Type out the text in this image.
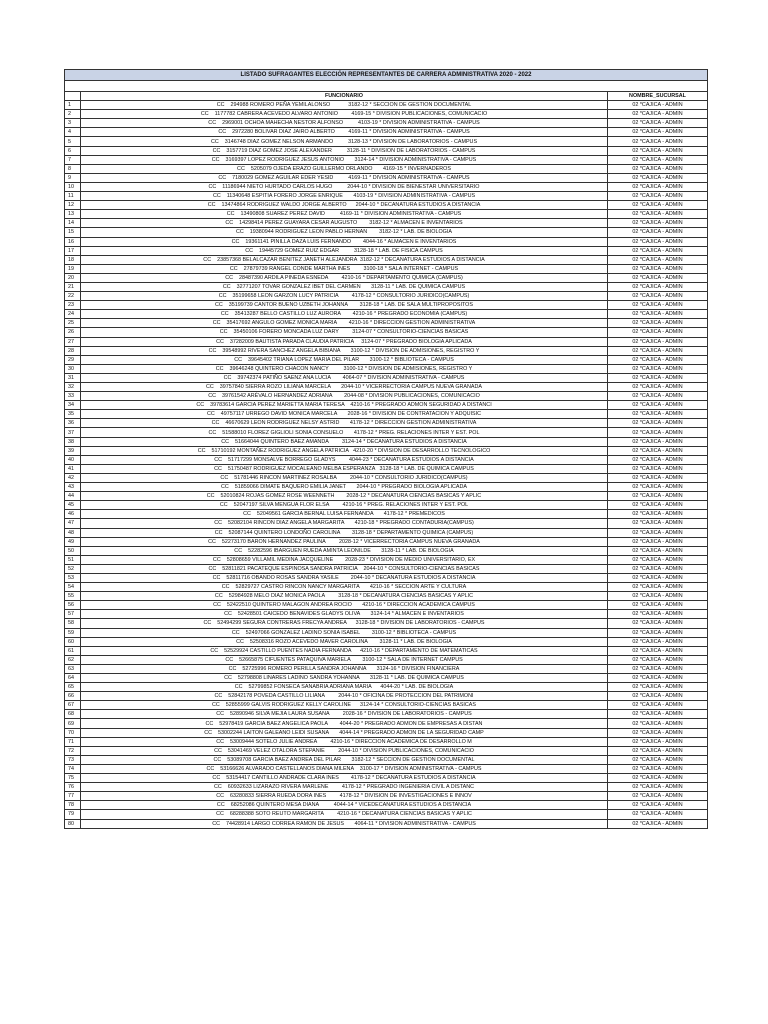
LISTADO SUFRAGANTES ELECCIÓN REPRESENTANTES DE CARRERA ADMINISTRATIVA 2020 - 2022		

	FUNCIONARIO	NOMBRE_SUCURSAL
1	CC    294988 ROMERO PEÑA YEMILALONSO            3182-12 * SECCION DE GESTION DOCUMENTAL	02 *CAJICA - ADMIN
2	CC    1177782 CABRERA ACEVEDO ALVARO ANTONIO         4169-15 * DIVISION PUBLICACIONES, COMUNICACIO	02 *CAJICA - ADMIN
3	CC    2969001 OCHOA MAHECHA NESTOR ALFONSO          4103-19 * DIVISION ADMINISTRATIVA - CAMPUS	02 *CAJICA - ADMIN
4	CC    2972280 BOLIVAR DIAZ JAIRO ALBERTO         4169-11 * DIVISION ADMINISTRATIVA - CAMPUS	02 *CAJICA - ADMIN
5	CC    3146748 DIAZ GOMEZ NELSON ARMANDO          3128-13 * DIVISION DE LABORATORIOS - CAMPUS	02 *CAJICA - ADMIN
6	CC    3157719 DIAZ GOMEZ JOSE ALEXANDER          3128-11 * DIVISION DE LABORATORIOS - CAMPUS	02 *CAJICA - ADMIN
7	CC    3169397 LOPEZ RODRIGUEZ JESUS ANTONIO       3124-14 * DIVISION ADMINISTRATIVA - CAMPUS	02 *CAJICA - ADMIN
8	CC    5205079 OJEDA ERAZO GUILLERMO ORLANDO       4169-15 * INVERNADEROS	02 *CAJICA - ADMIN
9	CC    7180029 GOMEZ AGUILAR EDER YESID          4169-11 * DIVISION ADMINISTRATIVA - CAMPUS	02 *CAJICA - ADMIN
10	CC    11186944 NIETO HURTADO CARLOS HUGO          2044-10 * DIVISION DE BIENESTAR UNIVERSITARIO	02 *CAJICA - ADMIN
11	CC    11340648 ESPITIA FORERO JORGE ENRIQUE       4103-19 * DIVISION ADMINISTRATIVA - CAMPUS	02 *CAJICA - ADMIN
12	CC    13474864 RODRIGUEZ WALDO JORGE ALBERTO      2044-10 * DECANATURA ESTUDIOS A DISTANCIA	02 *CAJICA - ADMIN
13	CC    13490808 SUAREZ PEREZ DAVID          4169-11 * DIVISION ADMINISTRATIVA - CAMPUS	02 *CAJICA - ADMIN
14	CC    14298414 PEREZ GUAYARA CESAR AUGUSTO        3182-12 * ALMACEN E INVENTARIOS	02 *CAJICA - ADMIN
15	CC    19380944 RODRIGUEZ LEON PABLO HERNAN        3182-12 * LAB. DE BIOLOGIA	02 *CAJICA - ADMIN
16	CC    19361141 PINILLA DAZA LUIS FERNANDO        4044-16 * ALMACEN E INVENTARIOS	02 *CAJICA - ADMIN
17	CC    19445729 GOMEZ RUIZ EDGAR          3128-18 * LAB. DE FISICA CAMPUS	02 *CAJICA - ADMIN
18	CC    23857368 BELALCAZAR BENITEZ JANETH ALEJANDRA  3182-12 * DECANATURA ESTUDIOS A DISTANCIA	02 *CAJICA - ADMIN
19	CC    27879739 RANGEL CONDE MARTHA INES         3100-18 * SALA INTERNET - CAMPUS	02 *CAJICA - ADMIN
20	CC    28487390 ARDILA PINEDA ESNEDA         4210-16 * DEPARTAMENTO QUIMICA (CAMPUS)	02 *CAJICA - ADMIN
21	CC    32771207 TOVAR GONZALEZ IBET DEL CARMEN       3128-11 * LAB. DE QUIMICA CAMPUS	02 *CAJICA - ADMIN
22	CC    35199658 LEON GARZON LUCY PATRICIA         4178-12 * CONSULTORIO JURIDICO(CAMPUS)	02 *CAJICA - ADMIN
23	CC    35199739 CANTOR BUENO UZBETH JOHANNA        3128-18 * LAB. DE SALA MULTIPROPOSITOS	02 *CAJICA - ADMIN
24	CC    35413287 BELLO CASTILLO LUZ AURORA        4210-16 * PREGRADO ECONOMIA (CAMPUS)	02 *CAJICA - ADMIN
25	CC    35417692 ANGULO GOMEZ MONICA MARIA        4210-16 * DIRECCION GESTION ADMINISTRATIVA	02 *CAJICA - ADMIN
26	CC    35450106 FORERO MONCADA LUZ DARY         3124-07 * CONSULTORIO-CIENCIAS BASICAS	02 *CAJICA - ADMIN
27	CC    37282009 BAUTISTA PARADA CLAUDIA PATRICIA     3124-07 * PREGRADO BIOLOGIA APLICADA	02 *CAJICA - ADMIN
28	CC    39548992 RIVERA SANCHEZ ANGELA BIBIANA       3100-12 * DIVISION DE ADMISIONES, REGISTRO Y	02 *CAJICA - ADMIN
29	CC    39645402 TRIANA LOPEZ MARIA DEL PILAR       3100-12 * BIBLIOTECA - CAMPUS	02 *CAJICA - ADMIN
30	CC    39646248 QUINTERO CHACON NANCY          3100-12 * DIVISION DE ADMISIONES, REGISTRO Y	02 *CAJICA - ADMIN
31	CC    39742374 PATIÑO SAENZ ANA LUCIA        4064-07 * DIVISION ADMINISTRATIVA - CAMPUS	02 *CAJICA - ADMIN
32	CC    39757840 SIERRA ROZO LILIANA MARCELA       2044-10 * VICERRECTORIA CAMPUS NUEVA GRANADA	02 *CAJICA - ADMIN
33	CC    39761542 ARÉVALO HERNANDEZ ADRIANA        2044-08 * DIVISION PUBLICACIONES, COMUNICACIO	02 *CAJICA - ADMIN
34	CC    39783614 GARCIA PEREZ MARIETTA MARIA TERESA    4210-16 * PREGRADO ADMON SEGURIDAD A DISTANCI	02 *CAJICA - ADMIN
35	CC    49757117 URREGO DAVID MONICA MARCELA       2028-16 * DIVISION DE CONTRATACION Y ADQUISIC	02 *CAJICA - ADMIN
36	CC    46670629 LEON RODRIGUEZ NELSY ASTRID       4178-12 * DIRECCION GESTION ADMINISTRATIVA	02 *CAJICA - ADMIN
37	CC    51588010 FLOREZ GIGLIOLI SONIA CONSUELO       4178-12 * PREG. RELACIONES INTER Y EST. POL	02 *CAJICA - ADMIN
38	CC    51664044 QUINTERO BAEZ AMANDA         3124-14 * DECANATURA ESTUDIOS A DISTANCIA	02 *CAJICA - ADMIN
39	CC    51710192 MONTAÑEZ RODRIGUEZ ANGELA PATRICIA   4210-20 * DIVISION DE DESARROLLO TECNOLOGICO	02 *CAJICA - ADMIN
40	CC    51717299 MONSALVE BORREGO GLADYS         4044-23 * DECANATURA ESTUDIOS A DISTANCIA	02 *CAJICA - ADMIN
41	CC    51750487 RODRIGUEZ MOCALEANO MELBA ESPERANZA   3128-18 * LAB. DE QUIMICA CAMPUS	02 *CAJICA - ADMIN
42	CC    51781446 RINCON MARTINEZ ROSALBA         2044-10 * CONSULTORIO JURIDICO(CAMPUS)	02 *CAJICA - ADMIN
43	CC    51859066 DIMATE BAQUERO EMILIA JANET       2044-10 * PREGRADO BIOLOGIA APLICADA	02 *CAJICA - ADMIN
44	CC    52010824 ROJAS GOMEZ ROSE WEENNETH        2028-12 * DECANATURA CIENCIAS BASICAS Y APLIC	02 *CAJICA - ADMIN
45	CC    52047197 SILVA MENGUA FLOR ELSA         4210-16 * PREG. RELACIONES INTER Y EST. POL	02 *CAJICA - ADMIN
46	CC    52049561 GARCIA BERNAL LUISA FERNANDA       4178-12 * PREMEDICOS	02 *CAJICA - ADMIN
47	CC    52082104 RINCON DIAZ ANGELA MARGARITA       4210-18 * PREGRADO CONTADURIA(CAMPUS)	02 *CAJICA - ADMIN
48	CC    52087144 QUINTERO LONDOÑO CAROLINA        3128-18 * DEPARTAMENTO QUIMICA (CAMPUS)	02 *CAJICA - ADMIN
49	CC    52273170 BARON HERNANDEZ PAULINA         2028-12 * VICERRECTORIA CAMPUS NUEVA GRANADA	02 *CAJICA - ADMIN
50	CC    52282596 IBARGUEN RUEDA AMINTA LEONILDE       3128-11 * LAB. DE BIOLOGIA	02 *CAJICA - ADMIN
51	CC    52808659 VILLAMIL MEDINA JACQUELINE        2028-23 * DIVISION DE MEDIO UNIVERSITARIO, EX	02 *CAJICA - ADMIN
52	CC    52811821 PACATEQUE ESPINOSA SANDRA PATRICIA    2044-10 * CONSULTORIO-CIENCIAS BASICAS	02 *CAJICA - ADMIN
53	CC    52811716 OBANDO ROSAS SANDRA YASILE        2044-10 * DECANATURA ESTUDIOS A DISTANCIA	02 *CAJICA - ADMIN
54	CC    52829727 CASTRO RINCON NANCY MARGARITA       4210-16 * SECCION ARTE Y CULTURA	02 *CAJICA - ADMIN
55	CC    52984928 MELO DIAZ MONICA PAOLA         3128-18 * DECANATURA CIENCIAS BASICAS Y APLIC	02 *CAJICA - ADMIN
56	CC    52422510 QUINTERO MALAGON ANDREA ROCIO       4210-16 * DIRECCION ACADEMICA CAMPUS	02 *CAJICA - ADMIN
57	CC    52428501 CAICEDO BENAVIDES GLADYS OLIVA       3124-14 * ALMACEN E INVENTARIOS	02 *CAJICA - ADMIN
58	CC    52494299 SEGURA CONTRERAS FRECYA ANDREA      3128-18 * DIVISION DE LABORATORIOS - CAMPUS	02 *CAJICA - ADMIN
59	CC    52497066 GONZALEZ LADINO SONIA ISABEL        3100-12 * BIBLIOTECA - CAMPUS	02 *CAJICA - ADMIN
60	CC    52508316 ROZO ACEVEDO MAVER CAROLINA        3128-11 * LAB. DE BIOLOGIA	02 *CAJICA - ADMIN
61	CC    52529924 CASTILLO PUENTES NADIA FERNANDA      4210-16 * DEPARTAMENTO DE MATEMATICAS	02 *CAJICA - ADMIN
62	CC    52665875 CIFUENTES PATAQUIVA MARIELA        3100-12 * SALA DE INTERNET CAMPUS	02 *CAJICA - ADMIN
63	CC    52725996 ROMERO PERILLA SANDRA JOHANNA       3124-16 * DIVISION FINANCIERA	02 *CAJICA - ADMIN
64	CC    52798808 LINARES LADINO SANDRA YOHANNA       3128-11 * LAB. DE QUIMICA CAMPUS	02 *CAJICA - ADMIN
65	CC    52799852 FONSECA SANABRIA ADRIANA MARIA      4044-20 * LAB. DE BIOLOGIA	02 *CAJICA - ADMIN
66	CC    52842178 POVEDA CASTILLO LILIANA         2044-10 * OFICINA DE PROTECCION DEL PATRIMONI	02 *CAJICA - ADMIN
67	CC    52855999 GALVIS RODRIGUEZ KELLY CAROLINE      3124-14 * CONSULTORIO-CIENCIAS BASICAS	02 *CAJICA - ADMIN
68	CC    52890946 SILVA MEJIA LAURA SUSANA         2028-16 * DIVISION DE LABORATORIOS - CAMPUS	02 *CAJICA - ADMIN
69	CC    52978419 GARCIA BAEZ ANGELICA PAOLA        4044-20 * PREGRADO ADMON DE EMPRESAS A DISTAN	02 *CAJICA - ADMIN
70	CC    53002244 LAITON GALEANO LEIDI SUSANA       4044-14 * PREGRADO ADMON DE LA SEGURIDAD CAMP	02 *CAJICA - ADMIN
71	CC    53009444 SOTELO JULIE ANDREA         4210-16 * DIRECCION ACADEMICA DE DESARROLLO M	02 *CAJICA - ADMIN
72	CC    53041469 VELEZ OTALORA STEPANIE         2044-10 * DIVISION PUBLICACIONES, COMUNICACIO	02 *CAJICA - ADMIN
73	CC    53089708 GARCIA BAEZ ANDREA DEL PILAR       3182-12 * SECCION DE GESTION DOCUMENTAL	02 *CAJICA - ADMIN
74	CC    53166626 ALVARADO CASTELLANOS DIANA MILENA    3100-17 * DIVISION ADMINISTRATIVA - CAMPUS	02 *CAJICA - ADMIN
75	CC    53154417 CANTILLO ANDRADE CLARA INES        4178-12 * DECANATURA ESTUDIOS A DISTANCIA	02 *CAJICA - ADMIN
76	CC    60932633 LIZARAZO RIVERA MARLENE         4178-12 * PREGRADO INGENIERIA CIVIL A DISTANC	02 *CAJICA - ADMIN
77	CC    63280833 SIERRA RUEDA DORA INES         4178-12 * DIVISION DE INVESTIGACIONES E INNOV	02 *CAJICA - ADMIN
78	CC    68252086 QUINTERO MESA DIANA          4044-14 * VICEDECANATURA ESTUDIOS A DISTANCIA	02 *CAJICA - ADMIN
79	CC    68288388 SOTO REUTO MARGARITA         4210-16 * DECANATURA CIENCIAS BASICAS Y APLIC	02 *CAJICA - ADMIN
80	CC    74428914 LARGO CORREA RAMON DE JESUS       4064-11 * DIVISION ADMINISTRATIVA - CAMPUS	02 *CAJICA - ADMIN
